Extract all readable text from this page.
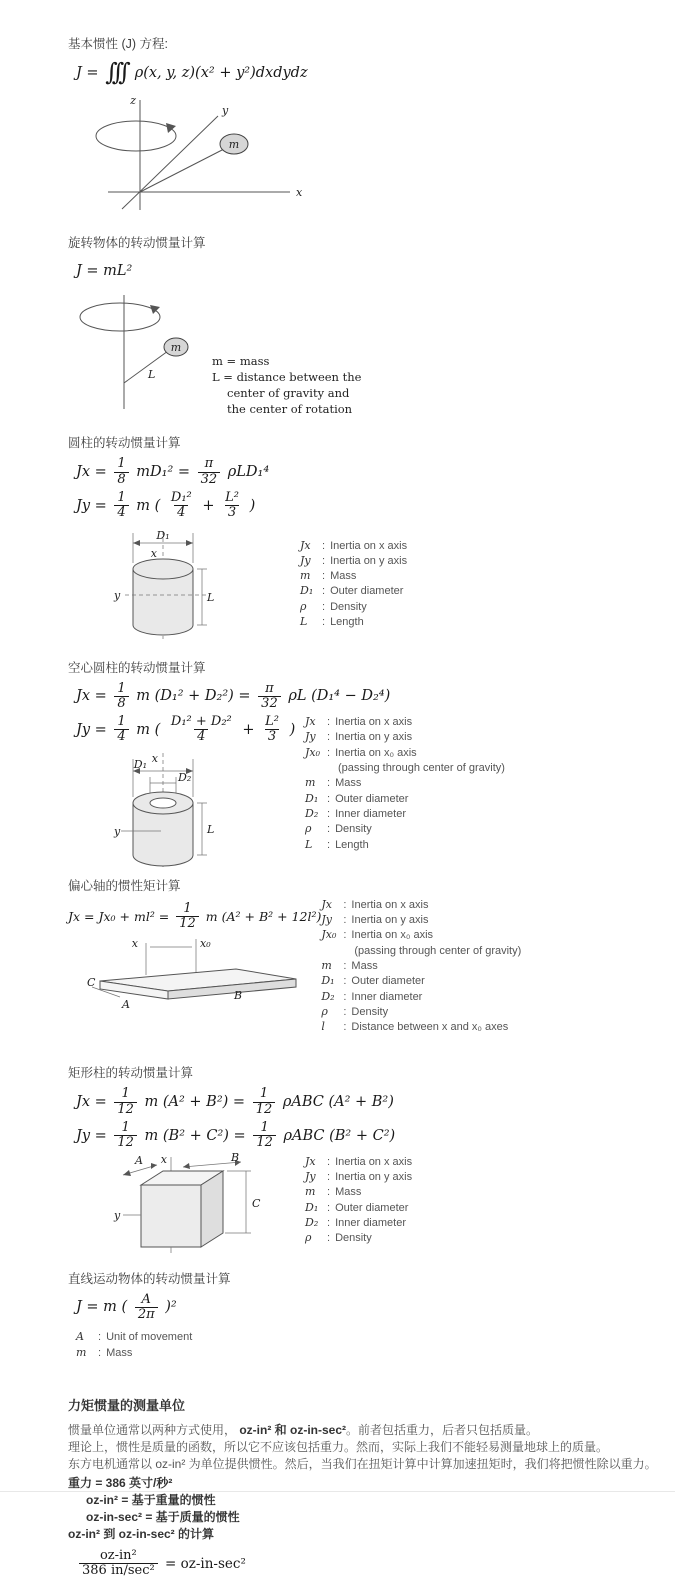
基本惯性 (J) 方程:
J = ∫∫∫ ρ(x, y, z)(x² + y²)dxdydz
z
y
x
m
旋转物体的转动惯量计算
J = mL²
L
m
m = mass
L = distance between the
center of gravity and
the center of rotation
圆柱的转动惯量计算
$Jx = \frac{1}{8} mD_1^2 = \frac{\pi}{32} \rho LD_1^4$
$Jy = \frac{1}{4}$ m ( $\frac{\text{D₁²}}{4} + \frac{\text{L²}}{3}$ )
D₁
x
y	L
Jx	: Inertia on x axis
Jy	: Inertia on y axis
m	: Mass
D₁ : Outer diameter
ρ	: Density
L	: Length
空心圆柱的转动惯量计算
$Jx = \frac{1}{8}$ m $(D_1^2 + D_2^2) = \frac{\pi}{32}$ ρL (D₁⁴ − D₂⁴)
$Jy = \frac{1}{4}$ m ( $\frac{\text{D₁² + D₂²}}{4} + \frac{\text{L²}}{3}$ )
x
D₁
D₂
y	L
Jx	: Inertia on x axis
Jy	: Inertia on y axis
Jx₀ : Inertia on x₀ axis
(passing through center of gravity)
m	: Mass
D₁ : Outer diameter
D₂ : Inner diameter
ρ	: Density
L	: Length
偏心轴的惯性矩计算
$Jx = Jx_0 + ml^2 = \frac{1}{12}$ m (A² + B² + 12l²)
x	x₀
C
A
B
Jx	: Inertia on x axis
Jy	: Inertia on y axis
Jx₀ : Inertia on x₀ axis
(passing through center of gravity)
m	: Mass
D₁ : Outer diameter
D₂ : Inner diameter
ρ	: Density
l	: Distance between x and x₀ axes
矩形柱的转动惯量计算
$Jx = \frac{1}{12}$ m $(A^2 + B^2) = \frac{1}{12}$ ρABC (A² + B²)
$Jy = \frac{1}{12}$ m $(B^2 + C^2) = \frac{1}{12}$ ρABC (B² + C²)
A x	B
y
C
Jx	: Inertia on x axis
Jy	: Inertia on y axis
m	: Mass
D₁ : Outer diameter
D₂ : Inner diameter
ρ	: Density
直线运动物体的转动惯量计算
J = m ( $\frac{A}{2\pi} )^2$
A	: Unit of movement
m	: Mass
力矩惯量的测量单位

惯量单位通常以两种方式使用， oz-in² 和 oz-in-sec²。前者包括重力，后者只包括质量。

理论上，惯性是质量的函数，所以它不应该包括重力。然而，实际上我们不能轻易测量地球上的质量。

东方电机通常以 oz-in² 为单位提供惯性。然后，当我们在扭矩计算中计算加速扭矩时，我们将把惯性除以重力。

重力 = 386 英寸/秒²

oz-in² = 基于重量的惯性

oz-in-sec² = 基于质量的惯性

oz-in² 到 oz-in-sec² 的计算

$\frac{\text{oz-in²}}{\text{386 in/sec²}} = oz-in-\sec^2$
